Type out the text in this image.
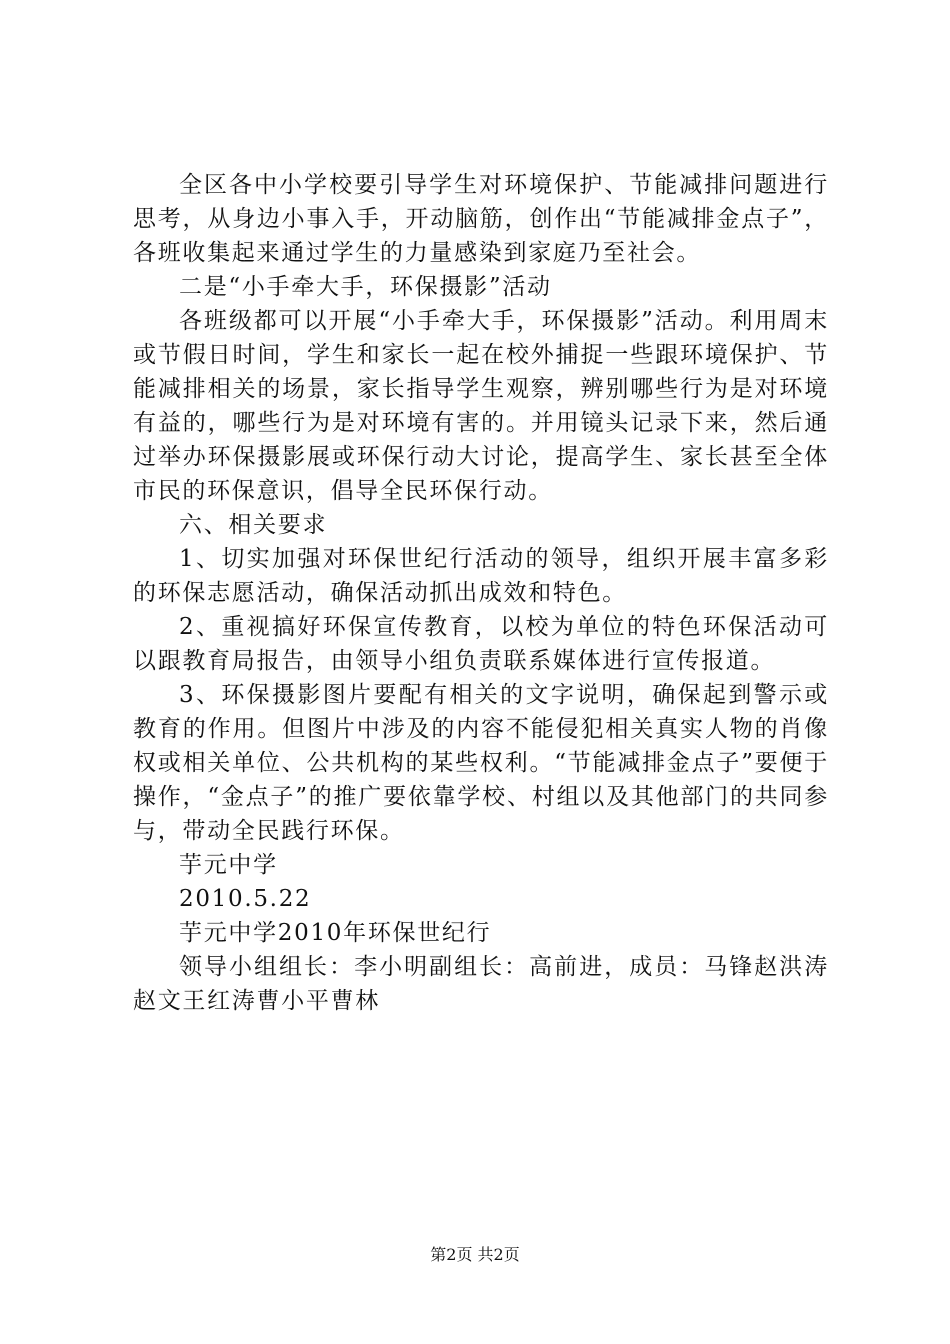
全区各中小学校要引导学生对环境保护、节能减排问题进行思考，从身边小事入手，开动脑筋，创作出“节能减排金点子”，各班收集起来通过学生的力量感染到家庭乃至社会。

二是“小手牵大手，环保摄影”活动

各班级都可以开展“小手牵大手，环保摄影”活动。利用周末或节假日时间，学生和家长一起在校外捕捉一些跟环境保护、节能减排相关的场景，家长指导学生观察，辨别哪些行为是对环境有益的，哪些行为是对环境有害的。并用镜头记录下来，然后通过举办环保摄影展或环保行动大讨论，提高学生、家长甚至全体市民的环保意识，倡导全民环保行动。

六、相关要求

1、切实加强对环保世纪行活动的领导，组织开展丰富多彩的环保志愿活动，确保活动抓出成效和特色。

2、重视搞好环保宣传教育，以校为单位的特色环保活动可以跟教育局报告，由领导小组负责联系媒体进行宣传报道。

3、环保摄影图片要配有相关的文字说明，确保起到警示或教育的作用。但图片中涉及的内容不能侵犯相关真实人物的肖像权或相关单位、公共机构的某些权利。“节能减排金点子”要便于操作，“金点子”的推广要依靠学校、村组以及其他部门的共同参与，带动全民践行环保。

芋元中学

2010.5.22

芋元中学2010年环保世纪行

领导小组组长：李小明副组长：高前进，成员：马锋赵洪涛赵文王红涛曹小平曹林

第2页 共2页
